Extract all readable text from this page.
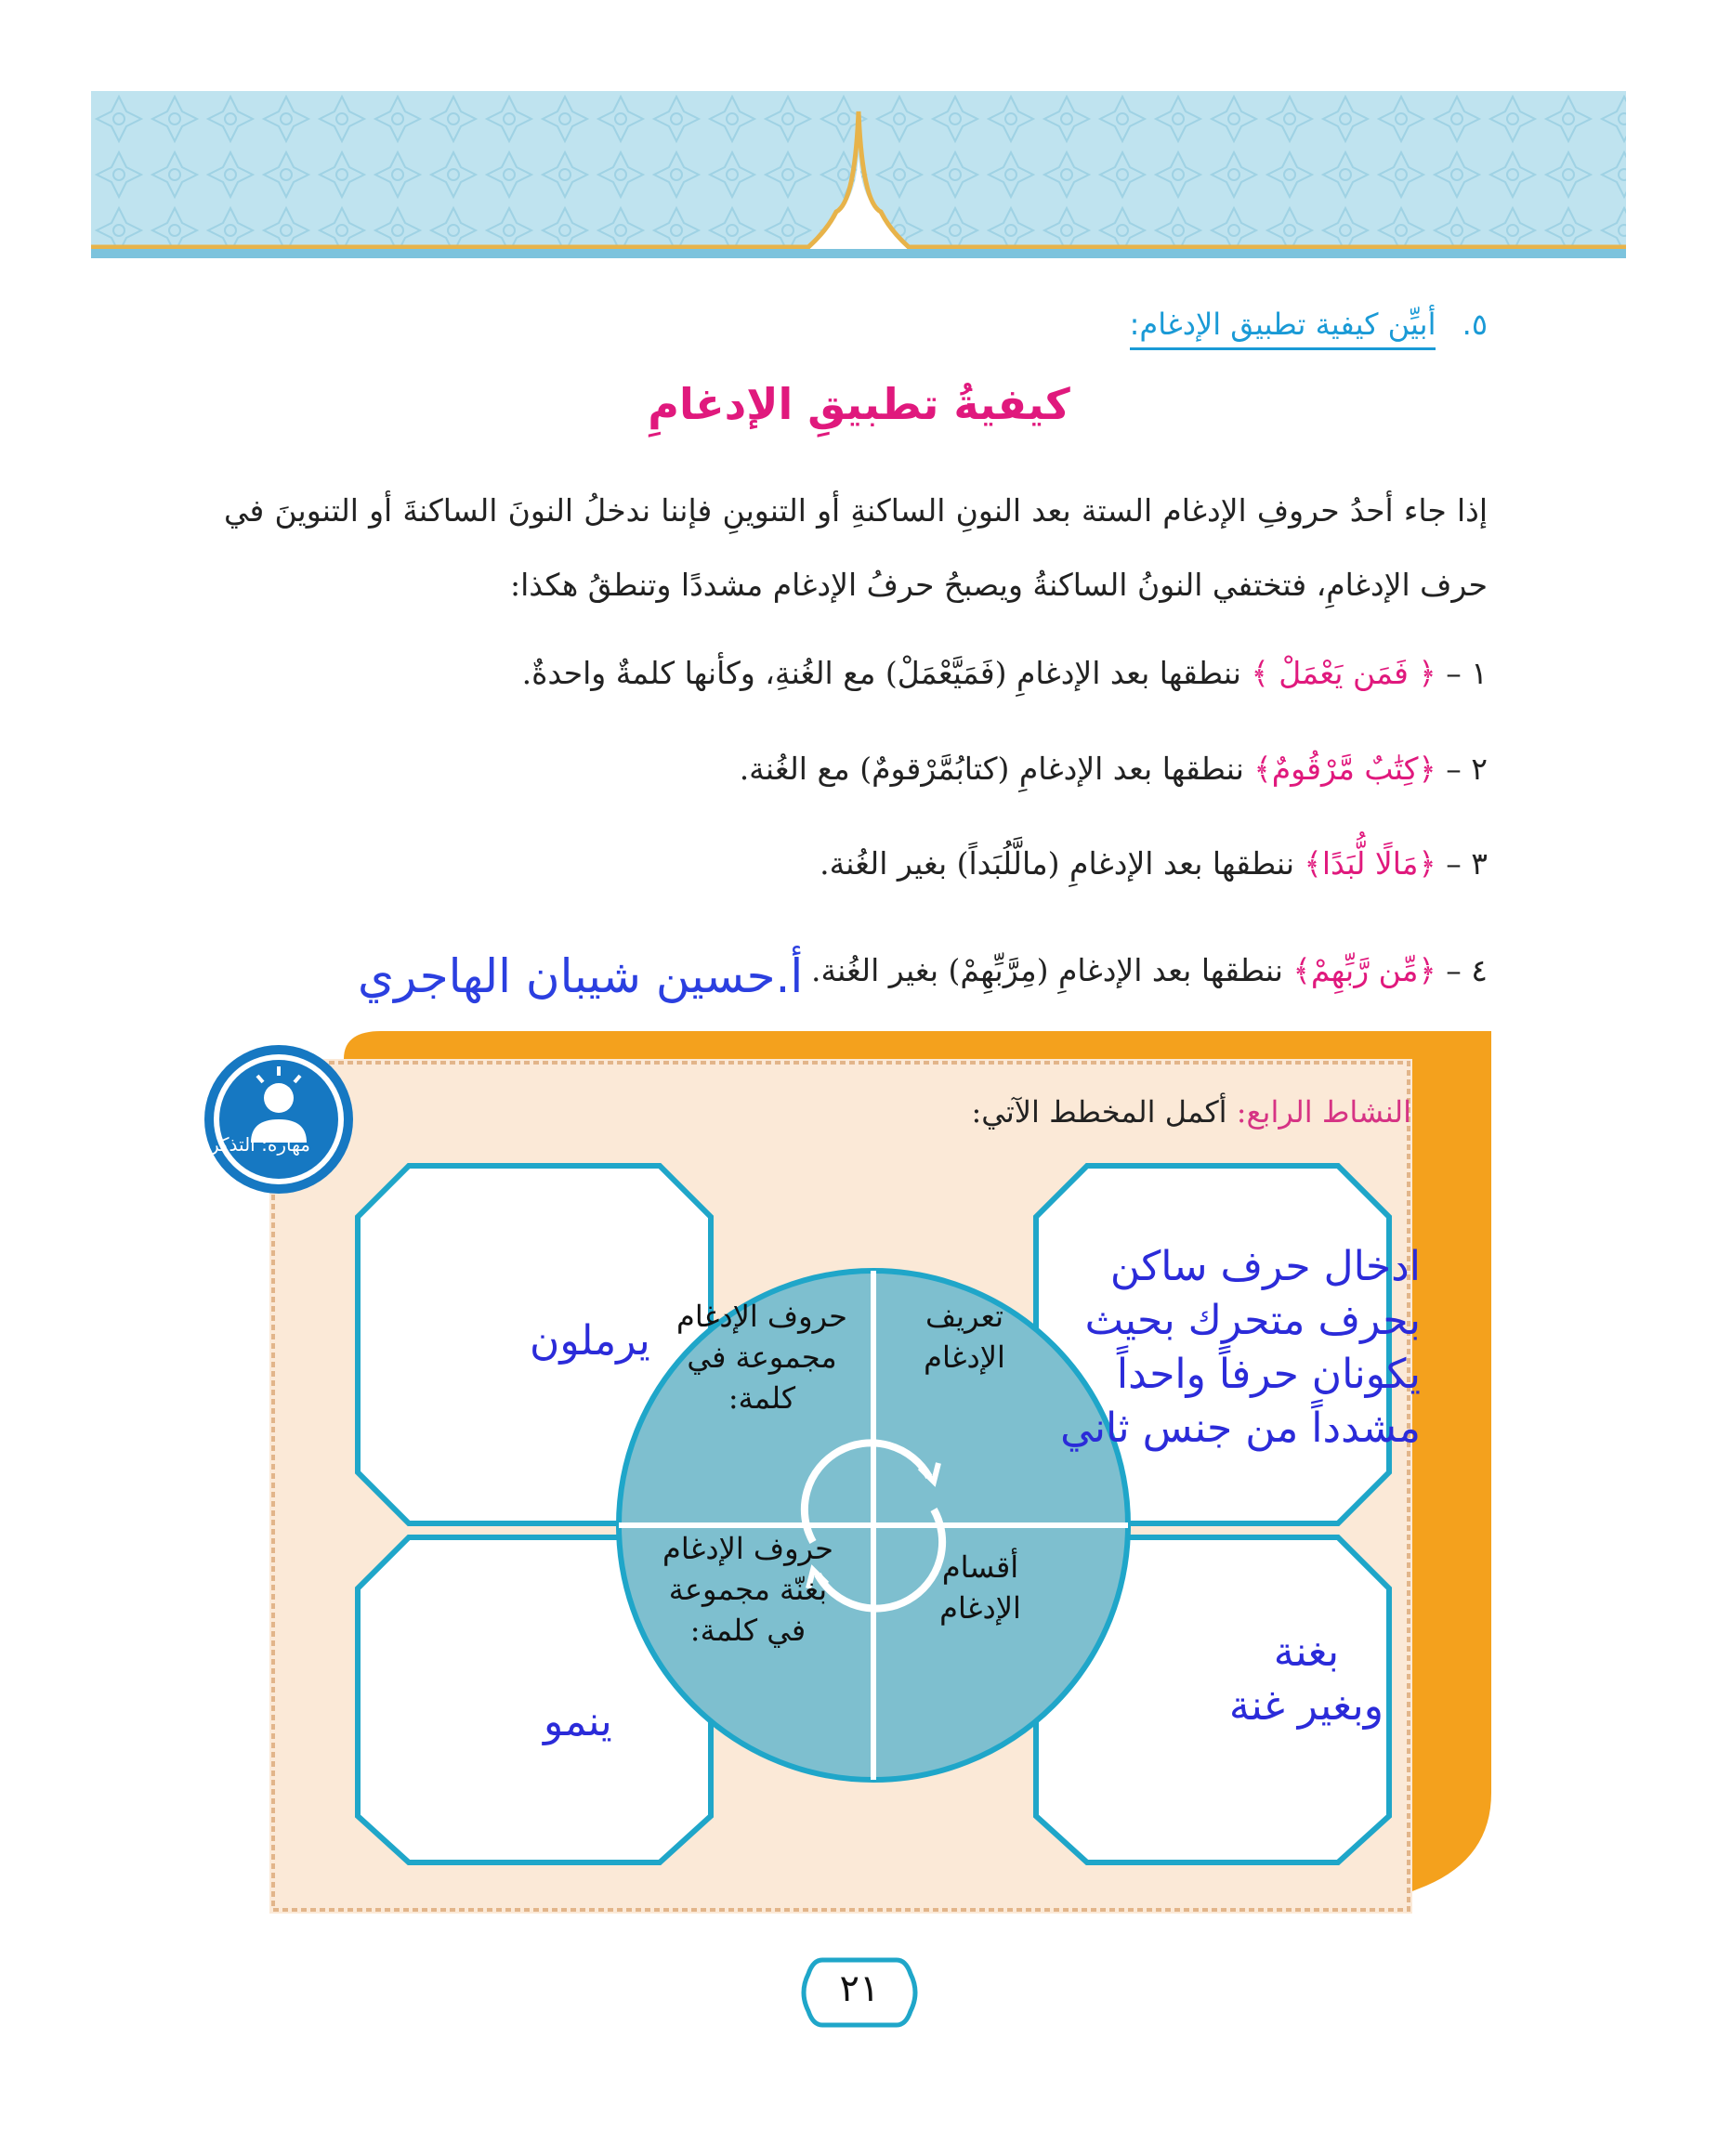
٥. أبيِّن كيفية تطبيق الإدغام:
كيفيةُ تطبيقِ الإدغامِ
إذا جاء أحدُ حروفِ الإدغام الستة بعد النونِ الساكنةِ أو التنوينِ فإننا ندخلُ النونَ الساكنةَ أو التنوينَ في حرف الإدغامِ، فتختفي النونُ الساكنةُ ويصبحُ حرفُ الإدغام مشددًا وتنطقُ هكذا:
١ – ﴿ فَمَن يَعْمَلْ ﴾ ننطقها بعد الإدغامِ (فَمَيَّعْمَلْ) مع الغُنةِ، وكأنها كلمةٌ واحدةٌ.
٢ – ﴿كِتَٰبٌ مَّرْقُومٌ﴾ ننطقها بعد الإدغامِ (كتابُمَّرْقومٌ) مع الغُنة.
٣ – ﴿مَالًا لُّبَدًا﴾ ننطقها بعد الإدغامِ (مالَّلُبَداً) بغير الغُنة.
٤ – ﴿مِّن رَّبِّهِمْ﴾ ننطقها بعد الإدغامِ (مِرَّبِّهِمْ) بغير الغُنة.
أ.حسين شيبان الهاجري
مهارة: التذكر
النشاط الرابع: أكمل المخطط الآتي:
تعريف الإدغام
حروف الإدغام مجموعة في كلمة:
أقسام الإدغام
حروف الإدغام بغنّة مجموعة في كلمة:
ادخال حرف ساكن
بحرف متحرك بحيث
يكونان حرفاً واحداً
مشدداً من جنس ثاني
يرملون
بغنة
وبغير غنة
ينمو
٢١
